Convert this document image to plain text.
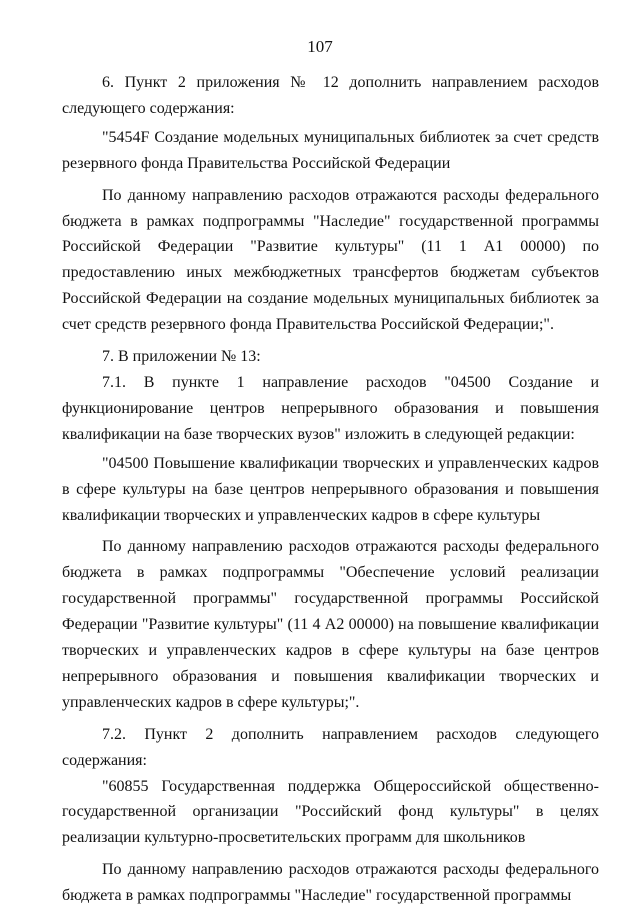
107

6. Пункт 2 приложения № 12 дополнить направлением расходов следующего содержания:

"5454F Создание модельных муниципальных библиотек за счет средств резервного фонда Правительства Российской Федерации

По данному направлению расходов отражаются расходы федерального бюджета в рамках подпрограммы "Наследие" государственной программы Российской Федерации "Развитие культуры" (11 1 А1 00000) по предоставлению иных межбюджетных трансфертов бюджетам субъектов Российской Федерации на создание модельных муниципальных библиотек за счет средств резервного фонда Правительства Российской Федерации;".

7. В приложении № 13:

7.1. В пункте 1 направление расходов "04500 Создание и функционирование центров непрерывного образования и повышения квалификации на базе творческих вузов" изложить в следующей редакции:

"04500 Повышение квалификации творческих и управленческих кадров в сфере культуры на базе центров непрерывного образования и повышения квалификации творческих и управленческих кадров в сфере культуры

По данному направлению расходов отражаются расходы федерального бюджета в рамках подпрограммы "Обеспечение условий реализации государственной программы" государственной программы Российской Федерации "Развитие культуры" (11 4 А2 00000) на повышение квалификации творческих и управленческих кадров в сфере культуры на базе центров непрерывного образования и повышения квалификации творческих и управленческих кадров в сфере культуры;".

7.2. Пункт 2 дополнить направлением расходов следующего содержания:

"60855 Государственная поддержка Общероссийской общественно-государственной организации "Российский фонд культуры" в целях реализации культурно-просветительских программ для школьников

По данному направлению расходов отражаются расходы федерального бюджета в рамках подпрограммы "Наследие" государственной программы
